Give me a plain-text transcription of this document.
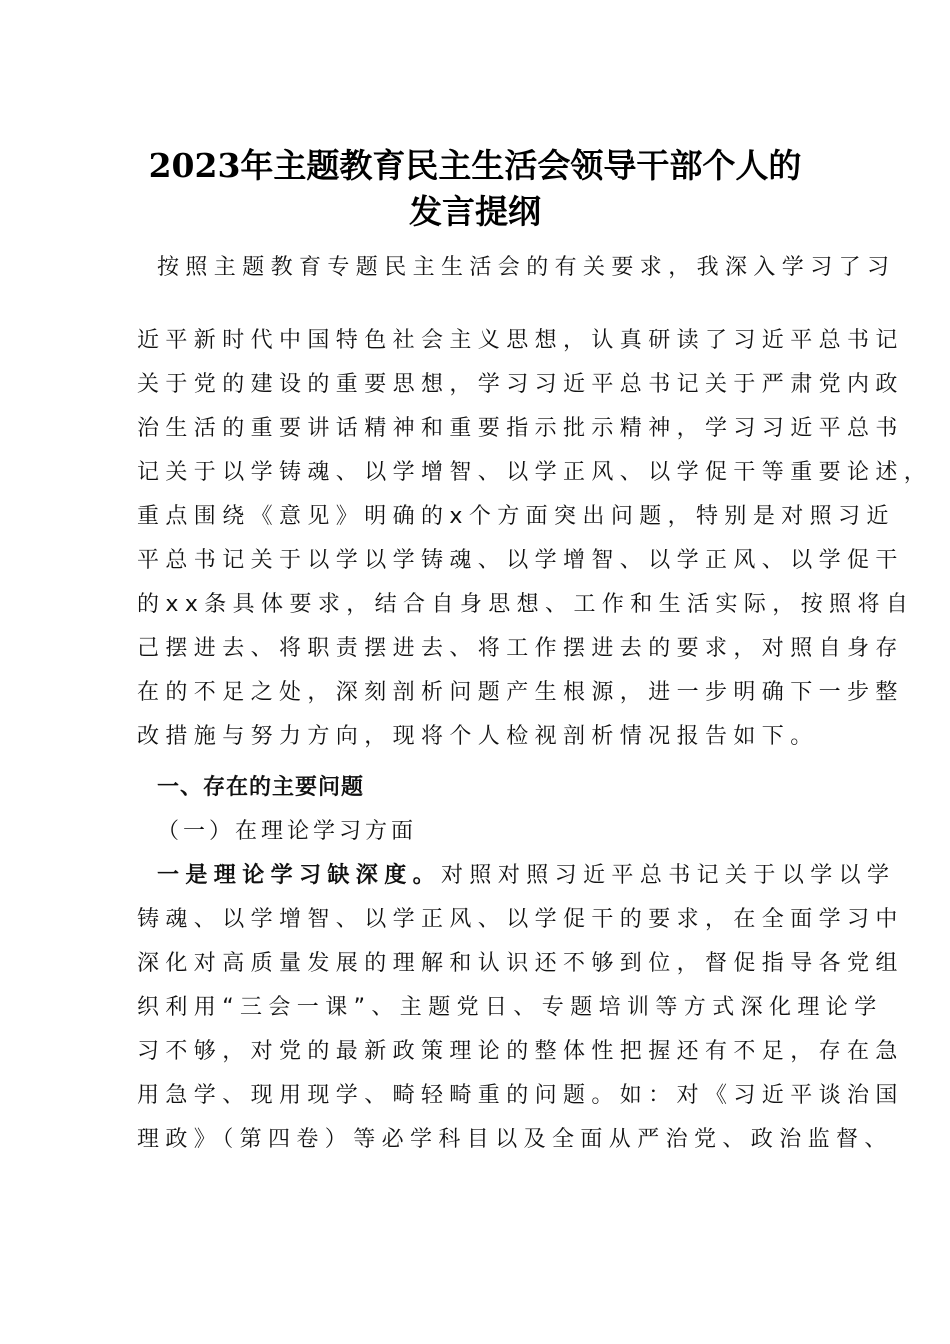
2023年主题教育民主生活会领导干部个人的
发言提纲
按照主题教育专题民主生活会的有关要求，我深入学习了习
近平新时代中国特色社会主义思想，认真研读了习近平总书记
关于党的建设的重要思想，学习习近平总书记关于严肃党内政
治生活的重要讲话精神和重要指示批示精神，学习习近平总书
记关于以学铸魂、以学增智、以学正风、以学促干等重要论述，
重点围绕《意见》明确的x个方面突出问题，特别是对照习近
平总书记关于以学以学铸魂、以学增智、以学正风、以学促干
的xx条具体要求，结合自身思想、工作和生活实际，按照将自
己摆进去、将职责摆进去、将工作摆进去的要求，对照自身存
在的不足之处，深刻剖析问题产生根源，进一步明确下一步整
改措施与努力方向，现将个人检视剖析情况报告如下。
一、存在的主要问题
（一）在理论学习方面
一是理论学习缺深度。对照对照习近平总书记关于以学以学
铸魂、以学增智、以学正风、以学促干的要求，在全面学习中
深化对高质量发展的理解和认识还不够到位，督促指导各党组
织利用“三会一课”、主题党日、专题培训等方式深化理论学
习不够，对党的最新政策理论的整体性把握还有不足，存在急
用急学、现用现学、畸轻畸重的问题。如：对《习近平谈治国
理政》（第四卷）等必学科目以及全面从严治党、政治监督、
